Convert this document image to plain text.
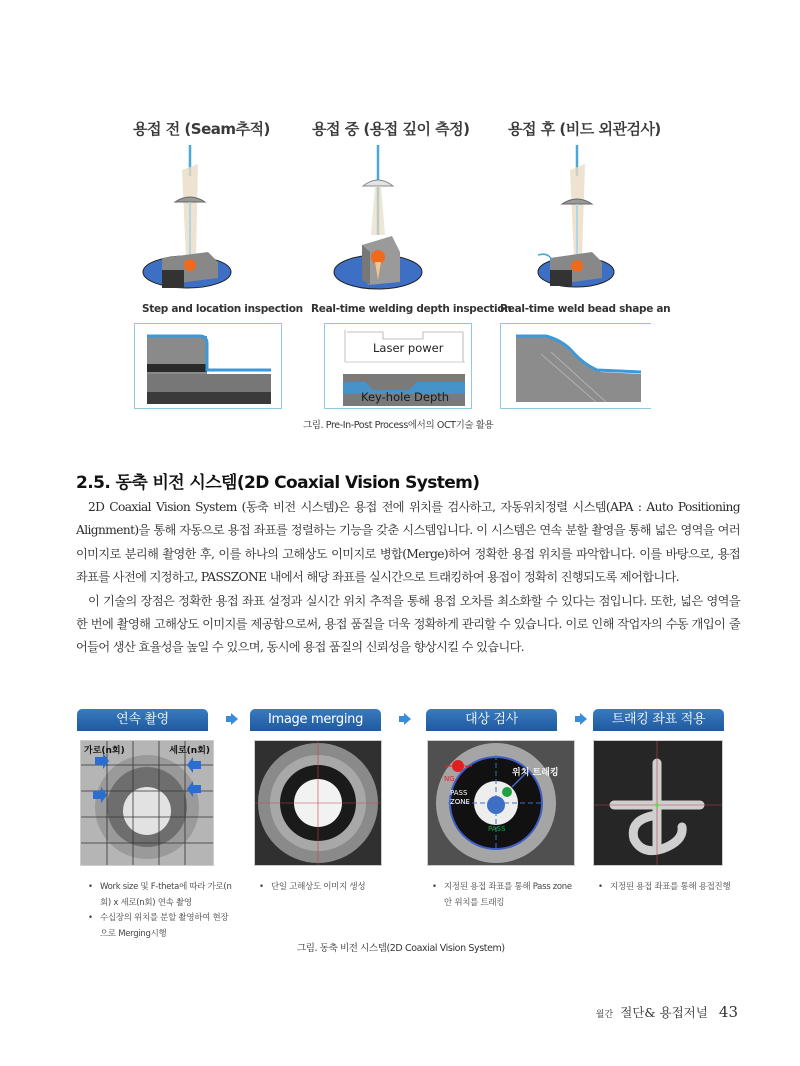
용접 전 (Seam추적)	용접 중 (용접 깊이 측정)	용접 후 (비드 외관검사)
Step and location inspection Real-time welding depth inspection
Real-time weld bead shape an
Laser power
Key-hole Depth
그림. Pre-In-Post Process에서의 OCT기술 활용
2.5. 동축 비전 시스템(2D Coaxial Vision System)

2D Coaxial Vision System (동축 비전 시스템)은 용접 전에 위치를 검사하고, 자동위치정렬 시스템(APA : Auto Positioning Alignment)을 통해 자동으로 용접 좌표를 정렬하는 기능을 갖춘 시스템입니다. 이 시스템은 연속 분할 촬영을 통해 넓은 영역을 여러 이미지로 분리해 촬영한 후, 이를 하나의 고해상도 이미지로 병합(Merge)하여 정확한 용접 위치를 파악합니다. 이를 바탕으로, 용접 좌표를 사전에 지정하고, PASSZONE 내에서 해당 좌표를 실시간으로 트래킹하여 용접이 정확히 진행되도록 제어합니다.

이 기술의 장점은 정확한 용접 좌표 설정과 실시간 위치 추적을 통해 용접 오차를 최소화할 수 있다는 점입니다. 또한, 넓은 영역을 한 번에 촬영해 고해상도 이미지를 제공함으로써, 용접 품질을 더욱 정확하게 관리할 수 있습니다. 이로 인해 작업자의 수동 개입이 줄어들어 생산 효율성을 높일 수 있으며, 동시에 용접 품질의 신뢰성을 향상시킬 수 있습니다.

연속 촬영	Image merging	대상 검사	트래킹 좌표 적용
가로(n회)	세로(n회)
위치 트래킹
PASS ZONE
NG
PASS
• Work size 및 F-theta에 따라 가로(n회) x 세로(n회) 연속 촬영
• 수십장의 위치를 분할 촬영하여 현장으로 Merging시행
• 단일 고해상도 이미지 생성	• 지정된 용접 좌표를 통해 Pass zone안 위치를 트래킹
• 지정된 용접 좌표를 통해 용접진행
그림. 동축 비전 시스템(2D Coaxial Vision System)
월간 절단& 용접저널 43
